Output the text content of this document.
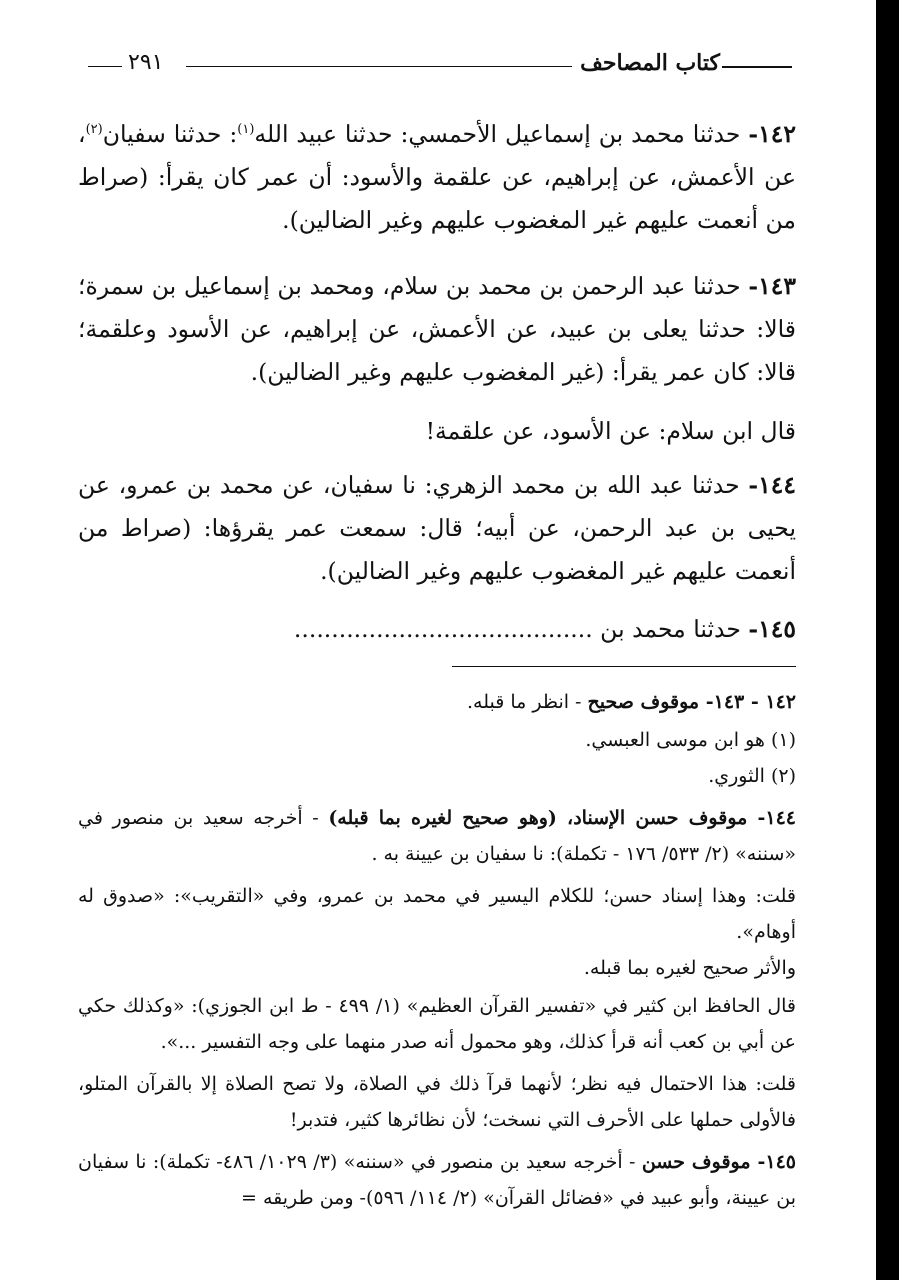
كتاب المصاحف
٢٩١
١٤٢- حدثنا محمد بن إسماعيل الأحمسي: حدثنا عبيد الله$^{(١)}$: حدثنا سفيان$^{(٢)}$، عن الأعمش، عن إبراهيم، عن علقمة والأسود: أن عمر كان يقرأ: (صراط من أنعمت عليهم غير المغضوب عليهم وغير الضالين).
١٤٣- حدثنا عبد الرحمن بن محمد بن سلام، ومحمد بن إسماعيل بن سمرة؛ قالا: حدثنا يعلى بن عبيد، عن الأعمش، عن إبراهيم، عن الأسود وعلقمة؛ قالا: كان عمر يقرأ: (غير المغضوب عليهم وغير الضالين).
قال ابن سلام: عن الأسود، عن علقمة!
١٤٤- حدثنا عبد الله بن محمد الزهري: نا سفيان، عن محمد بن عمرو، عن يحيى بن عبد الرحمن، عن أبيه؛ قال: سمعت عمر يقرؤها: (صراط من أنعمت عليهم غير المغضوب عليهم وغير الضالين).
١٤٥- حدثنا محمد بن ........................................
١٤٢ - ١٤٣- موقوف صحيح - انظر ما قبله.
(١) هو ابن موسى العبسي.
(٢) الثوري.
١٤٤- موقوف حسن الإسناد، (وهو صحيح لغيره بما قبله) - أخرجه سعيد بن منصور في «سننه» (٢/ ٥٣٣/ ١٧٦ - تكملة): نا سفيان بن عيينة به .
قلت: وهذا إسناد حسن؛ للكلام اليسير في محمد بن عمرو، وفي «التقريب»: «صدوق له أوهام».
والأثر صحيح لغيره بما قبله.
قال الحافظ ابن كثير في «تفسير القرآن العظيم» (١/ ٤٩٩ - ط ابن الجوزي): «وكذلك حكي عن أبي بن كعب أنه قرأ كذلك، وهو محمول أنه صدر منهما على وجه التفسير ...».
قلت: هذا الاحتمال فيه نظر؛ لأنهما قرآ ذلك في الصلاة، ولا تصح الصلاة إلا بالقرآن المتلو، فالأولى حملها على الأحرف التي نسخت؛ لأن نظائرها كثير، فتدبر!
١٤٥- موقوف حسن - أخرجه سعيد بن منصور في «سننه» (٣/ ١٠٢٩/ ٤٨٦- تكملة): نا سفيان بن عيينة، وأبو عبيد في «فضائل القرآن» (٢/ ١١٤/ ٥٩٦)- ومن طريقه =
